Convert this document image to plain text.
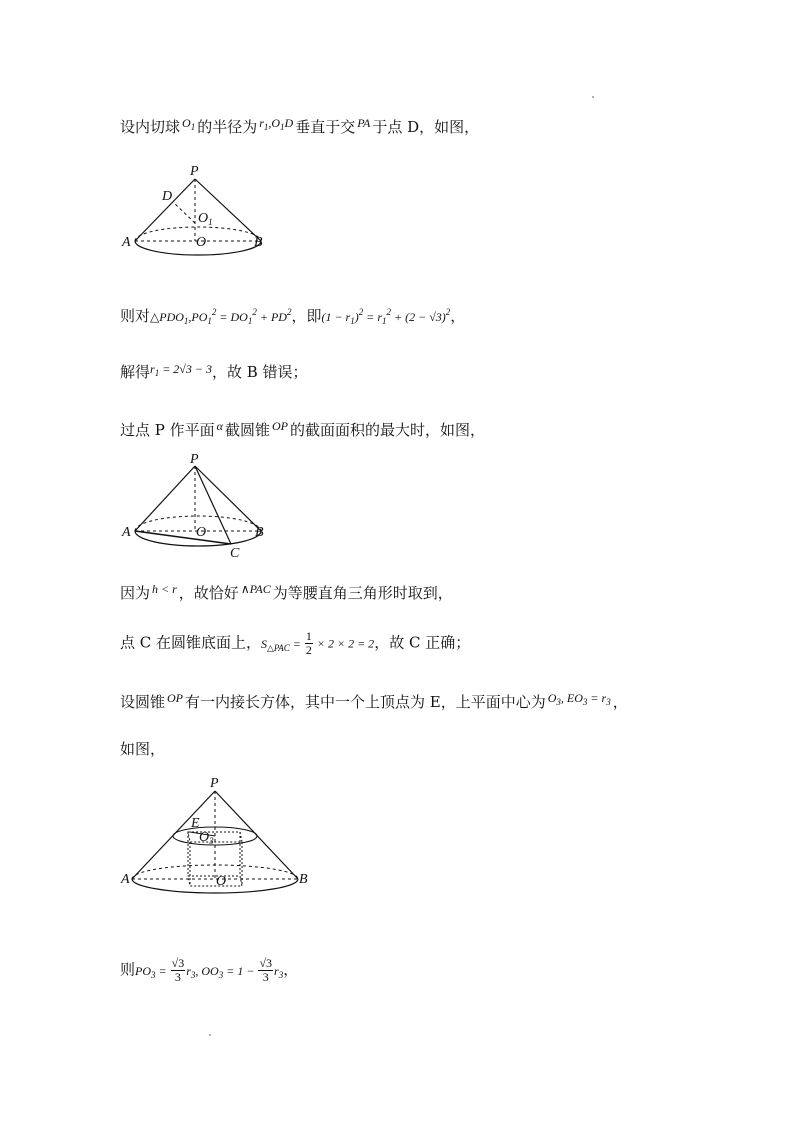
设内切球 $^{O_1}$ 的半径为 $^{r_1,O_1D}$ 垂直于交 $^{PA}$ 于点 D，如图，
P
D
$O_1$
A	O	B
则对$\triangle PDO_1,PO_1^2 = DO_1^2 + PD^2$，即$(1 - r_1)^2 = r_1^2 + (2 - √3)^2$，
解得$^{r_1 = 2√3 - 3}$，故 B 错误；
过点 P 作平面 $^\alpha$ 截圆锥 $^{OP}$ 的截面面积的最大时，如图，
P
A	O	B
C
因为 $^{h < r}$ ，故恰好 $^{\wedge PAC}$ 为等腰直角三角形时取到，
点 C 在圆锥底面上，$S_{\triangle PAC} = \frac{1}{2} \times 2 \times 2 = 2$，故 C 正确；
设圆锥 $^{OP}$ 有一内接长方体，其中一个上顶点为 E，上平面中心为 $^{O_3, EO_3 = r_3}$ ，
如图，
P
E
$O_3$
A	O	B
则$PO_3 = \frac{√3}{3} r_3$, $OO_3 = 1 - \frac{√3}{3} r_3$，
